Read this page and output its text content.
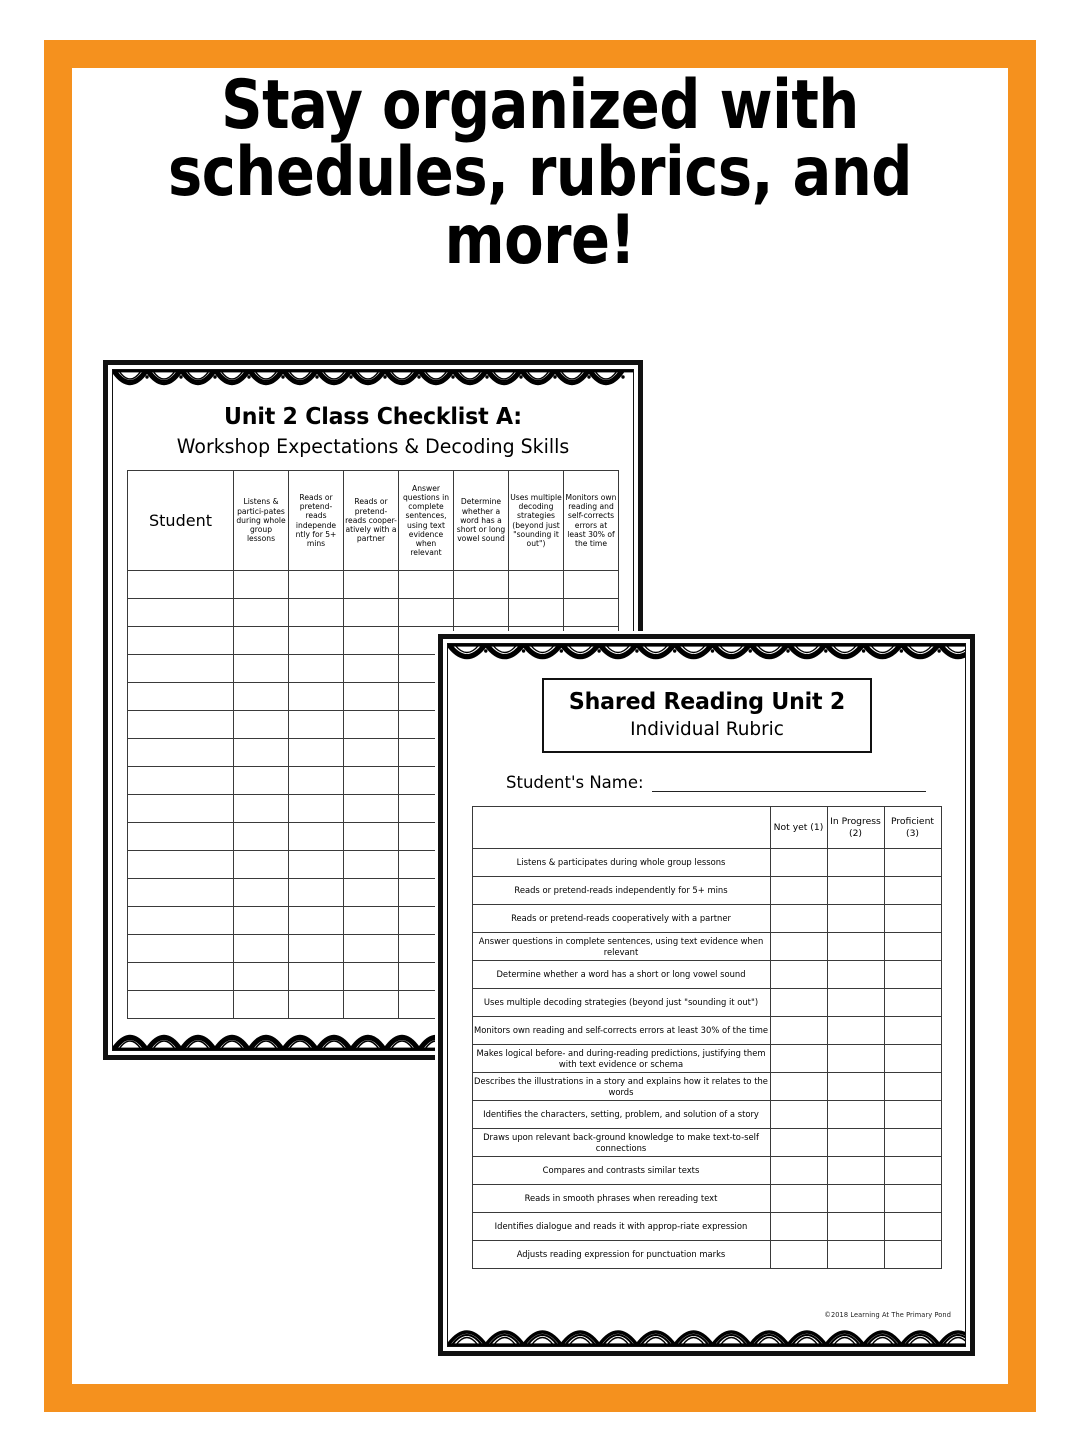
Stay organized with
schedules, rubrics, and
more!
Unit 2 Class Checklist A:
Workshop Expectations & Decoding Skills
Student	Listens & partici-pates during whole group lessons	Reads or pretend-reads independe ntly for 5+ mins	Reads or pretend-reads cooper-atively with a partner	Answer questions in complete sentences, using text evidence when relevant	Determine whether a word has a short or long vowel sound	Uses multiple decoding strategies (beyond just "sounding it out")	Monitors own reading and self-corrects errors at least 30% of the time

Shared Reading Unit 2
Individual Rubric
Student's Name:
	Not yet (1)	In Progress (2)	Proficient (3)
Listens & participates during whole group lessons			
Reads or pretend-reads independently for 5+ mins			
Reads or pretend-reads cooperatively with a partner			
Answer questions in complete sentences, using text evidence when relevant			
Determine whether a word has a short or long vowel sound			
Uses multiple decoding strategies (beyond just "sounding it out")			
Monitors own reading and self-corrects errors at least 30% of the time			
Makes logical before- and during-reading predictions, justifying them with text evidence or schema			
Describes the illustrations in a story and explains how it relates to the words			
Identifies the characters, setting, problem, and solution of a story			
Draws upon relevant back-ground knowledge to make text-to-self connections			
Compares and contrasts similar texts			
Reads in smooth phrases when rereading text			
Identifies dialogue and reads it with approp-riate expression			
Adjusts reading expression for punctuation marks			
©2018 Learning At The Primary Pond
